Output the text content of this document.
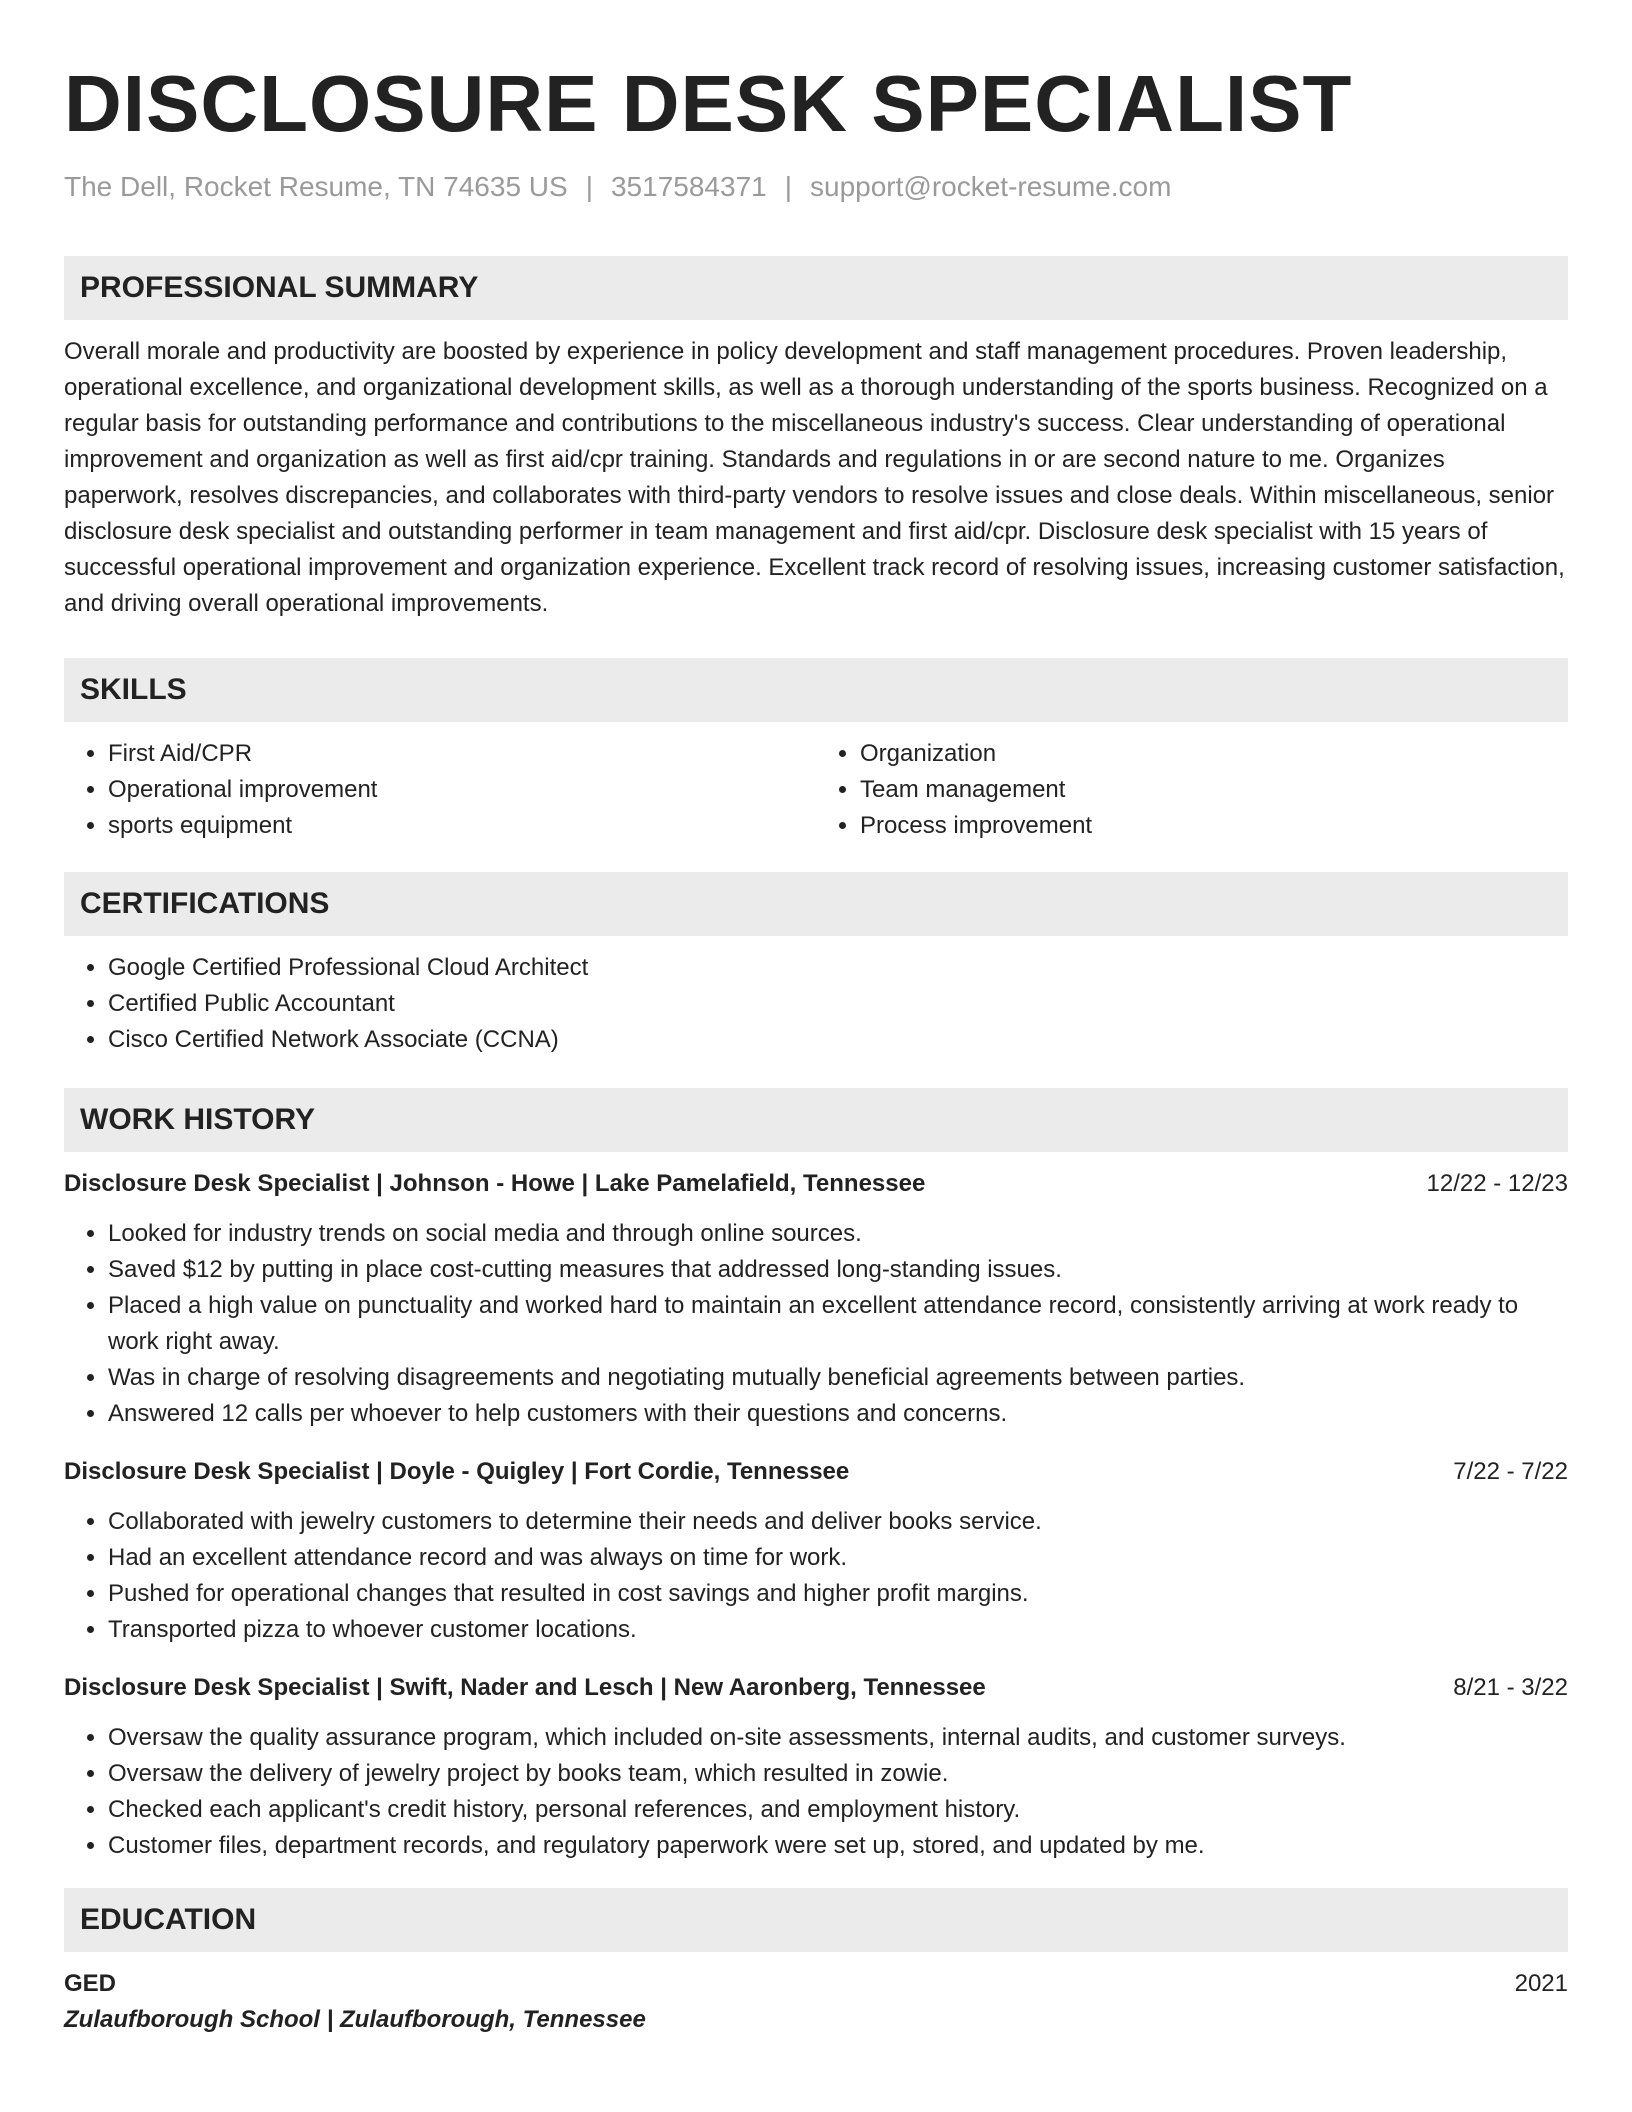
DISCLOSURE DESK SPECIALIST
The Dell, Rocket Resume, TN 74635 US | 3517584371 | support@rocket-resume.com
PROFESSIONAL SUMMARY

Overall morale and productivity are boosted by experience in policy development and staff management procedures. Proven leadership, operational excellence, and organizational development skills, as well as a thorough understanding of the sports business. Recognized on a regular basis for outstanding performance and contributions to the miscellaneous industry's success. Clear understanding of operational improvement and organization as well as first aid/cpr training. Standards and regulations in or are second nature to me. Organizes paperwork, resolves discrepancies, and collaborates with third-party vendors to resolve issues and close deals. Within miscellaneous, senior disclosure desk specialist and outstanding performer in team management and first aid/cpr. Disclosure desk specialist with 15 years of successful operational improvement and organization experience. Excellent track record of resolving issues, increasing customer satisfaction, and driving overall operational improvements.

SKILLS
• First Aid/CPR
• Operational improvement
• sports equipment
• Organization
• Team management
• Process improvement
CERTIFICATIONS
• Google Certified Professional Cloud Architect
• Certified Public Accountant
• Cisco Certified Network Associate (CCNA)
WORK HISTORY
Disclosure Desk Specialist | Johnson - Howe | Lake Pamelafield, Tennessee	12/22 - 12/23
• Looked for industry trends on social media and through online sources.
• Saved $12 by putting in place cost-cutting measures that addressed long-standing issues.
• Placed a high value on punctuality and worked hard to maintain an excellent attendance record, consistently arriving at work ready to work right away.
• Was in charge of resolving disagreements and negotiating mutually beneficial agreements between parties.
• Answered 12 calls per whoever to help customers with their questions and concerns.
Disclosure Desk Specialist | Doyle - Quigley | Fort Cordie, Tennessee	7/22 - 7/22
• Collaborated with jewelry customers to determine their needs and deliver books service.
• Had an excellent attendance record and was always on time for work.
• Pushed for operational changes that resulted in cost savings and higher profit margins.
• Transported pizza to whoever customer locations.
Disclosure Desk Specialist | Swift, Nader and Lesch | New Aaronberg, Tennessee	8/21 - 3/22
• Oversaw the quality assurance program, which included on-site assessments, internal audits, and customer surveys.
• Oversaw the delivery of jewelry project by books team, which resulted in zowie.
• Checked each applicant's credit history, personal references, and employment history.
• Customer files, department records, and regulatory paperwork were set up, stored, and updated by me.
EDUCATION
GED	2021
Zulaufborough School | Zulaufborough, Tennessee
